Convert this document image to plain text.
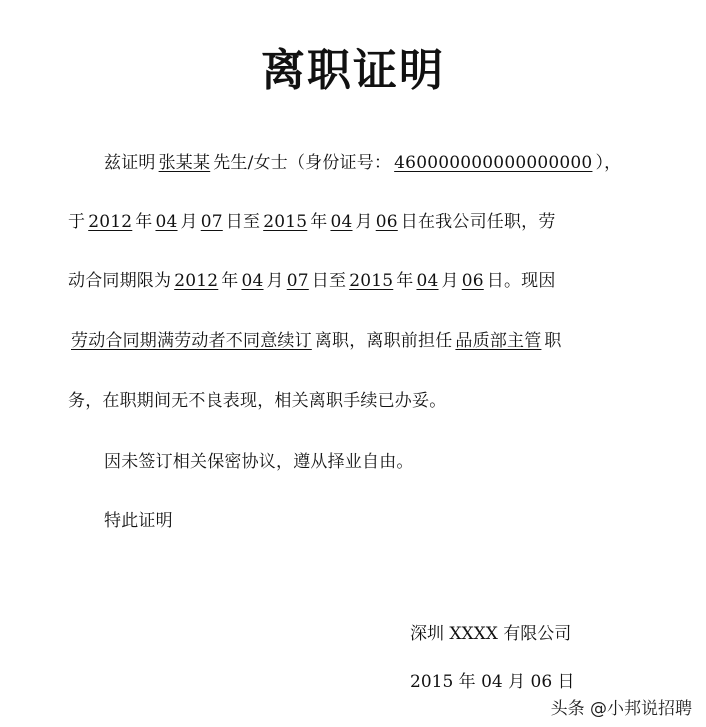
离职证明
兹证明 张某某 先生/女士（身份证号： 460000000000000000 ），
于 2012 年 04 月 07 日至 2015 年 04 月 06 日在我公司任职，劳
动合同期限为 2012 年 04 月 07 日至 2015 年 04 月 06 日。现因
劳动合同期满劳动者不同意续订 离职，离职前担任 品质部主管 职
务，在职期间无不良表现，相关离职手续已办妥。
因未签订相关保密协议，遵从择业自由。
特此证明
深圳 XXXX 有限公司
2015 年 04 月 06 日
头条 @小邦说招聘
